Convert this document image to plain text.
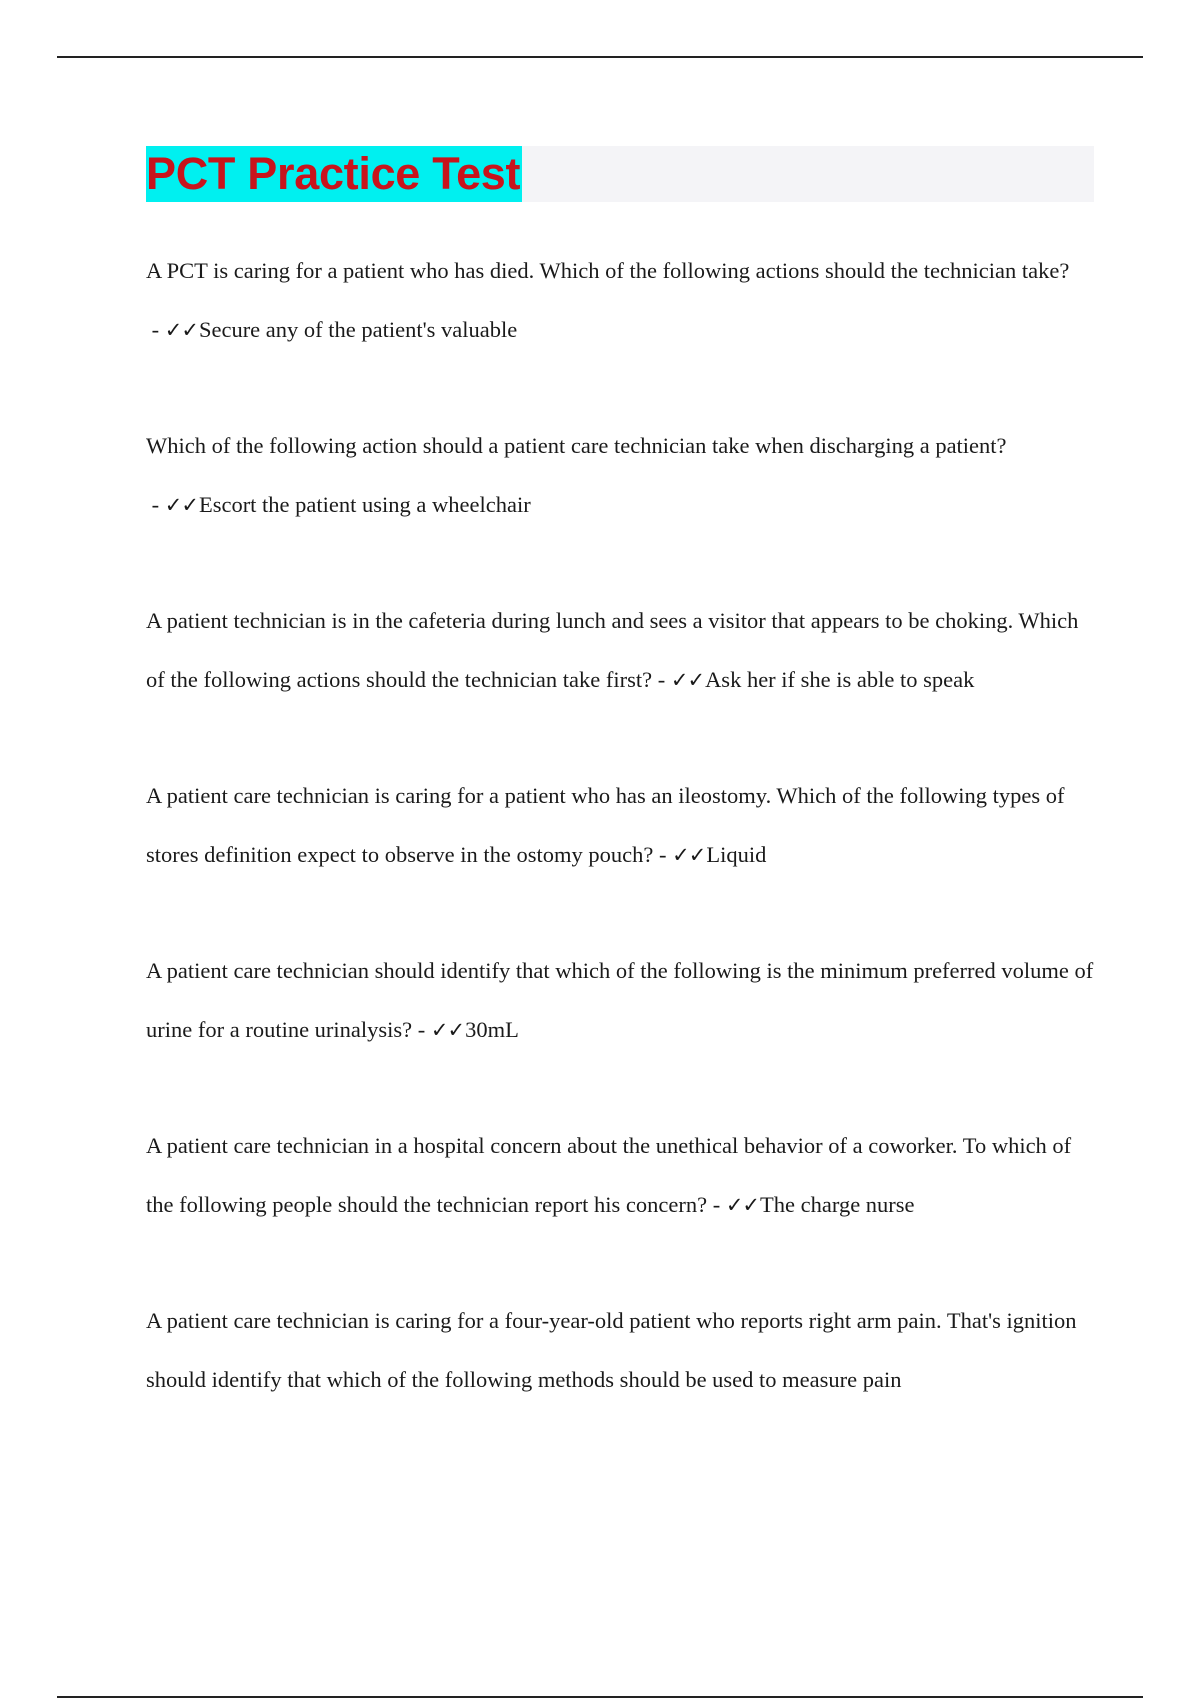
PCT Practice Test

A PCT is caring for a patient who has died. Which of the following actions should the technician take? - ✓✓Secure any of the patient's valuable

Which of the following action should a patient care technician take when discharging a patient? - ✓✓Escort the patient using a wheelchair

A patient technician is in the cafeteria during lunch and sees a visitor that appears to be choking. Which of the following actions should the technician take first? - ✓✓Ask her if she is able to speak

A patient care technician is caring for a patient who has an ileostomy. Which of the following types of stores definition expect to observe in the ostomy pouch? - ✓✓Liquid

A patient care technician should identify that which of the following is the minimum preferred volume of urine for a routine urinalysis? - ✓✓30mL

A patient care technician in a hospital concern about the unethical behavior of a coworker. To which of the following people should the technician report his concern? - ✓✓The charge nurse

A patient care technician is caring for a four-year-old patient who reports right arm pain. That's ignition should identify that which of the following methods should be used to measure pain
